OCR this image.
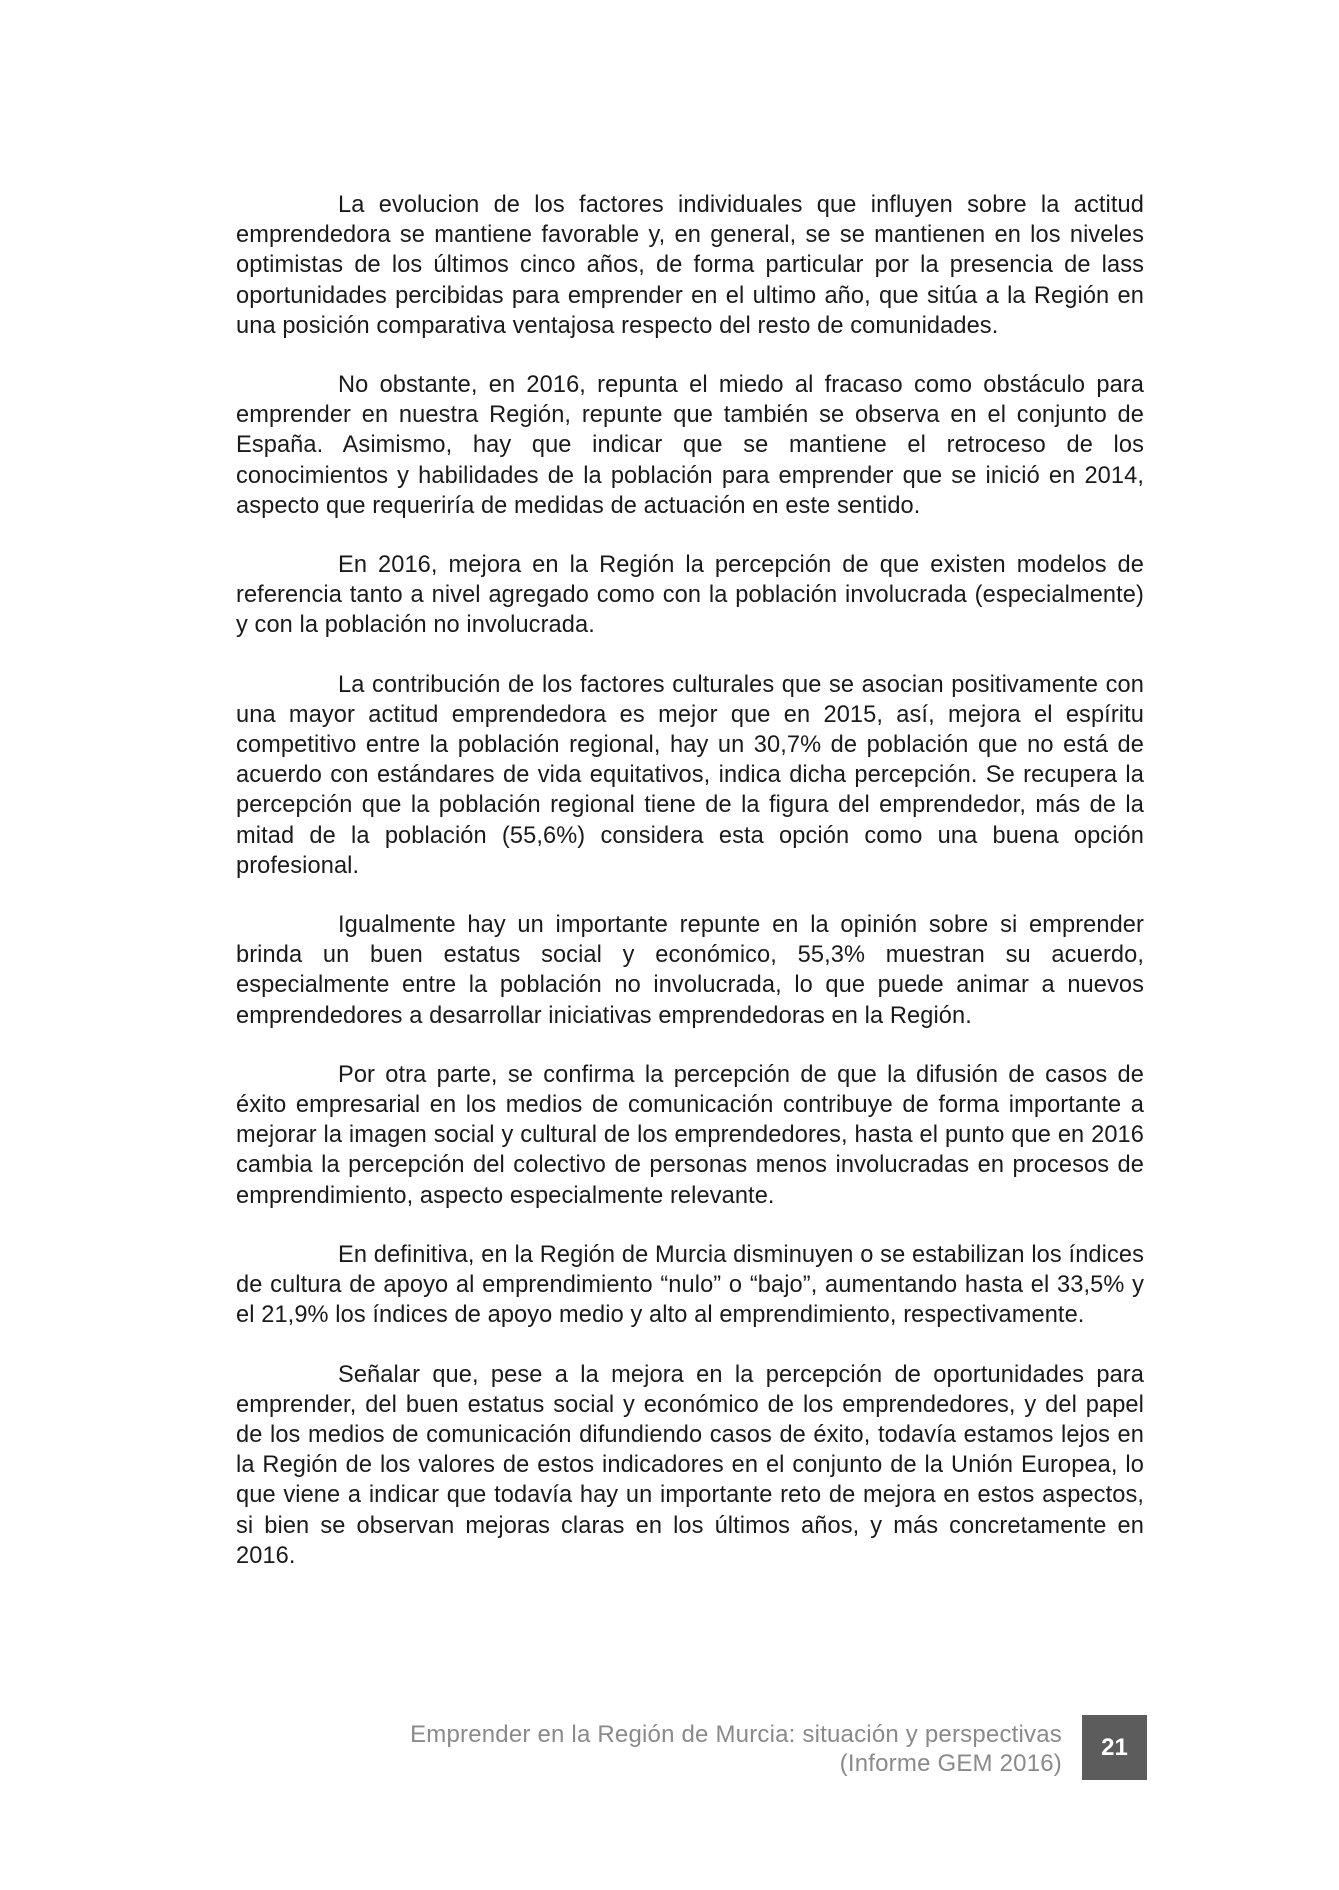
La evolucion de los factores individuales que influyen sobre la actitud emprendedora se mantiene favorable y, en general, se se mantienen en los niveles optimistas de los últimos cinco años, de forma particular por la presencia de lass oportunidades percibidas para emprender en el ultimo año, que sitúa a la Región en una posición comparativa ventajosa respecto del resto de comunidades.

No obstante, en 2016, repunta el miedo al fracaso como obstáculo para emprender en nuestra Región, repunte que también se observa en el conjunto de España. Asimismo, hay que indicar que se mantiene el retroceso de los conocimientos y habilidades de la población para emprender que se inició en 2014, aspecto que requeriría de medidas de actuación en este sentido.

En 2016, mejora en la Región la percepción de que existen modelos de referencia tanto a nivel agregado como con la población involucrada (especialmente) y con la población no involucrada.

La contribución de los factores culturales que se asocian positivamente con una mayor actitud emprendedora es mejor que en 2015, así, mejora el espíritu competitivo entre la población regional, hay un 30,7% de población que no está de acuerdo con estándares de vida equitativos, indica dicha percepción. Se recupera la percepción que la población regional tiene de la figura del emprendedor, más de la mitad de la población (55,6%) considera esta opción como una buena opción profesional.

Igualmente hay un importante repunte en la opinión sobre si emprender brinda un buen estatus social y económico, 55,3% muestran su acuerdo, especialmente entre la población no involucrada, lo que puede animar a nuevos emprendedores a desarrollar iniciativas emprendedoras en la Región.

Por otra parte, se confirma la percepción de que la difusión de casos de éxito empresarial en los medios de comunicación contribuye de forma importante a mejorar la imagen social y cultural de los emprendedores, hasta el punto que en 2016 cambia la percepción del colectivo de personas menos involucradas en procesos de emprendimiento, aspecto especialmente relevante.

En definitiva, en la Región de Murcia disminuyen o se estabilizan los índices de cultura de apoyo al emprendimiento “nulo” o “bajo”, aumentando hasta el 33,5% y el 21,9% los índices de apoyo medio y alto al emprendimiento, respectivamente.

Señalar que, pese a la mejora en la percepción de oportunidades para emprender, del buen estatus social y económico de los emprendedores, y del papel de los medios de comunicación difundiendo casos de éxito, todavía estamos lejos en la Región de los valores de estos indicadores en el conjunto de la Unión Europea, lo que viene a indicar que todavía hay un importante reto de mejora en estos aspectos, si bien se observan mejoras claras en los últimos años, y más concretamente en 2016.

Emprender en la Región de Murcia: situación y perspectivas
(Informe GEM 2016)
21
